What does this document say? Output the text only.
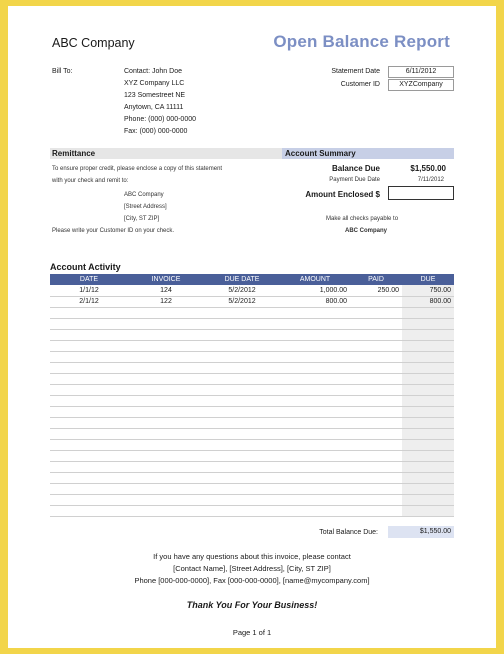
ABC Company	Open Balance Report
Bill To:	Contact: John Doe
XYZ Company LLC
123 Somestreet NE
Anytown, CA 11111
Phone: (000) 000-0000
Fax: (000) 000-0000
Statement Date	6/11/2012
Customer ID	XYZCompany
Remittance	Account Summary
To ensure proper credit, please enclose a copy of this statement
with your check and remit to:
ABC Company
[Street Address]
[City, ST ZIP]
Please write your Customer ID on your check.
Balance Due	$1,550.00
Payment Due Date	7/11/2012
Amount Enclosed $
Make all checks payable to
ABC Company
Account Activity
DATE	INVOICE	DUE DATE	AMOUNT	PAID	DUE
1/1/12	124	5/2/2012	1,000.00	250.00	750.00
2/1/12	122	5/2/2012	800.00		800.00

Total Balance Due:	$1,550.00
If you have any questions about this invoice, please contact
[Contact Name], [Street Address], [City, ST ZIP]
Phone [000-000-0000], Fax [000-000-0000], [name@mycompany.com]
Thank You For Your Business!
Page 1 of 1
